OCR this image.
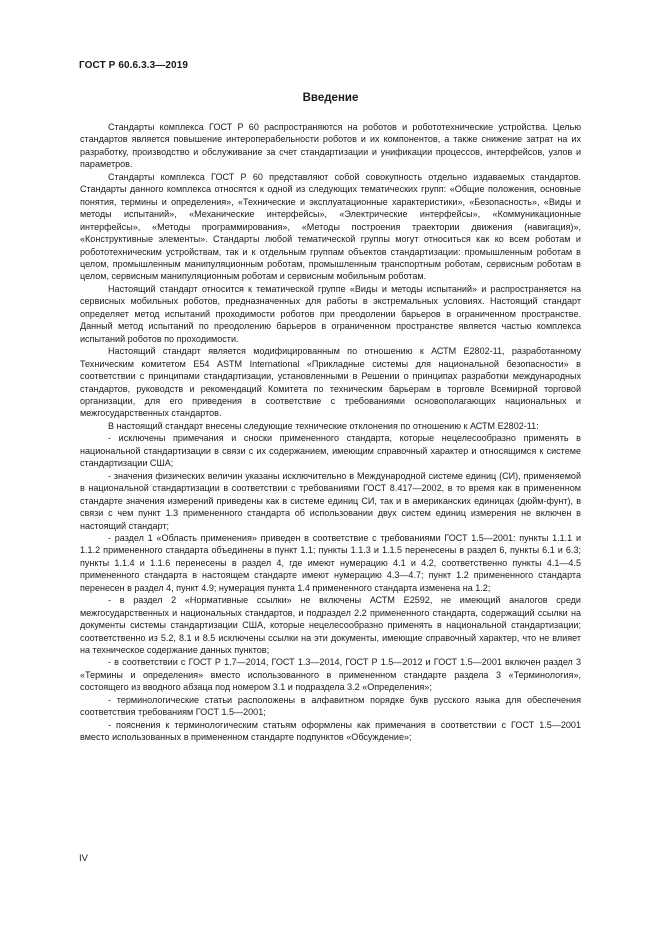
ГОСТ Р 60.6.3.3—2019
Введение

Стандарты комплекса ГОСТ Р 60 распространяются на роботов и робототехнические устройства. Целью стандартов является повышение интероперабельности роботов и их компонентов, а также снижение затрат на их разработку, производство и обслуживание за счет стандартизации и унификации процессов, интерфейсов, узлов и параметров.

Стандарты комплекса ГОСТ Р 60 представляют собой совокупность отдельно издаваемых стандартов. Стандарты данного комплекса относятся к одной из следующих тематических групп: «Общие положения, основные понятия, термины и определения», «Технические и эксплуатационные характеристики», «Безопасность», «Виды и методы испытаний», «Механические интерфейсы», «Электрические интерфейсы», «Коммуникационные интерфейсы», «Методы программирования», «Методы построения траектории движения (навигация)», «Конструктивные элементы». Стандарты любой тематической группы могут относиться как ко всем роботам и робототехническим устройствам, так и к отдельным группам объектов стандартизации: промышленным роботам в целом, промышленным манипуляционным роботам, промышленным транспортным роботам, сервисным роботам в целом, сервисным манипуляционным роботам и сервисным мобильным роботам.

Настоящий стандарт относится к тематической группе «Виды и методы испытаний» и распространяется на сервисных мобильных роботов, предназначенных для работы в экстремальных условиях. Настоящий стандарт определяет метод испытаний проходимости роботов при преодолении барьеров в ограниченном пространстве. Данный метод испытаний по преодолению барьеров в ограниченном пространстве является частью комплекса испытаний роботов по проходимости.

Настоящий стандарт является модифицированным по отношению к АСТМ Е2802-11, разработанному Техническим комитетом Е54 ASTM International «Прикладные системы для национальной безопасности» в соответствии с принципами стандартизации, установленными в Решении о принципах разработки международных стандартов, руководств и рекомендаций Комитета по техническим барьерам в торговле Всемирной торговой организации, для его приведения в соответствие с требованиями основополагающих национальных и межгосударственных стандартов.

В настоящий стандарт внесены следующие технические отклонения по отношению к АСТМ Е2802-11:

- исключены примечания и сноски примененного стандарта, которые нецелесообразно применять в национальной стандартизации в связи с их содержанием, имеющим справочный характер и относящимся к системе стандартизации США;

- значения физических величин указаны исключительно в Международной системе единиц (СИ), применяемой в национальной стандартизации в соответствии с требованиями ГОСТ 8.417—2002, в то время как в примененном стандарте значения измерений приведены как в системе единиц СИ, так и в американских единицах (дюйм-фунт), в связи с чем пункт 1.3 примененного стандарта об использовании двух систем единиц измерения не включен в настоящий стандарт;

- раздел 1 «Область применения» приведен в соответствие с требованиями ГОСТ 1.5—2001: пункты 1.1.1 и 1.1.2 примененного стандарта объединены в пункт 1.1; пункты 1.1.3 и 1.1.5 перенесены в раздел 6, пункты 6.1 и 6.3; пункты 1.1.4 и 1.1.6 перенесены в раздел 4, где имеют нумерацию 4.1 и 4.2, соответственно пункты 4.1—4.5 примененного стандарта в настоящем стандарте имеют нумерацию 4.3—4.7; пункт 1.2 примененного стандарта перенесен в раздел 4, пункт 4.9; нумерация пункта 1.4 примененного стандарта изменена на 1.2;

- в раздел 2 «Нормативные ссылки» не включены АСТМ Е2592, не имеющий аналогов среди межгосударственных и национальных стандартов, и подраздел 2.2 примененного стандарта, содержащий ссылки на документы системы стандартизации США, которые нецелесообразно применять в национальной стандартизации; соответственно из 5.2, 8.1 и 8.5 исключены ссылки на эти документы, имеющие справочный характер, что не влияет на техническое содержание данных пунктов;

- в соответствии с ГОСТ Р 1.7—2014, ГОСТ 1.3—2014, ГОСТ Р 1.5—2012 и ГОСТ 1.5—2001 включен раздел 3 «Термины и определения» вместо использованного в примененном стандарте раздела 3 «Терминология», состоящего из вводного абзаца под номером 3.1 и подраздела 3.2 «Определения»;

- терминологические статьи расположены в алфавитном порядке букв русского языка для обеспечения соответствия требованиям ГОСТ 1.5—2001;

- пояснения к терминологическим статьям оформлены как примечания в соответствии с ГОСТ 1.5—2001 вместо использованных в примененном стандарте подпунктов «Обсуждение»;

IV
